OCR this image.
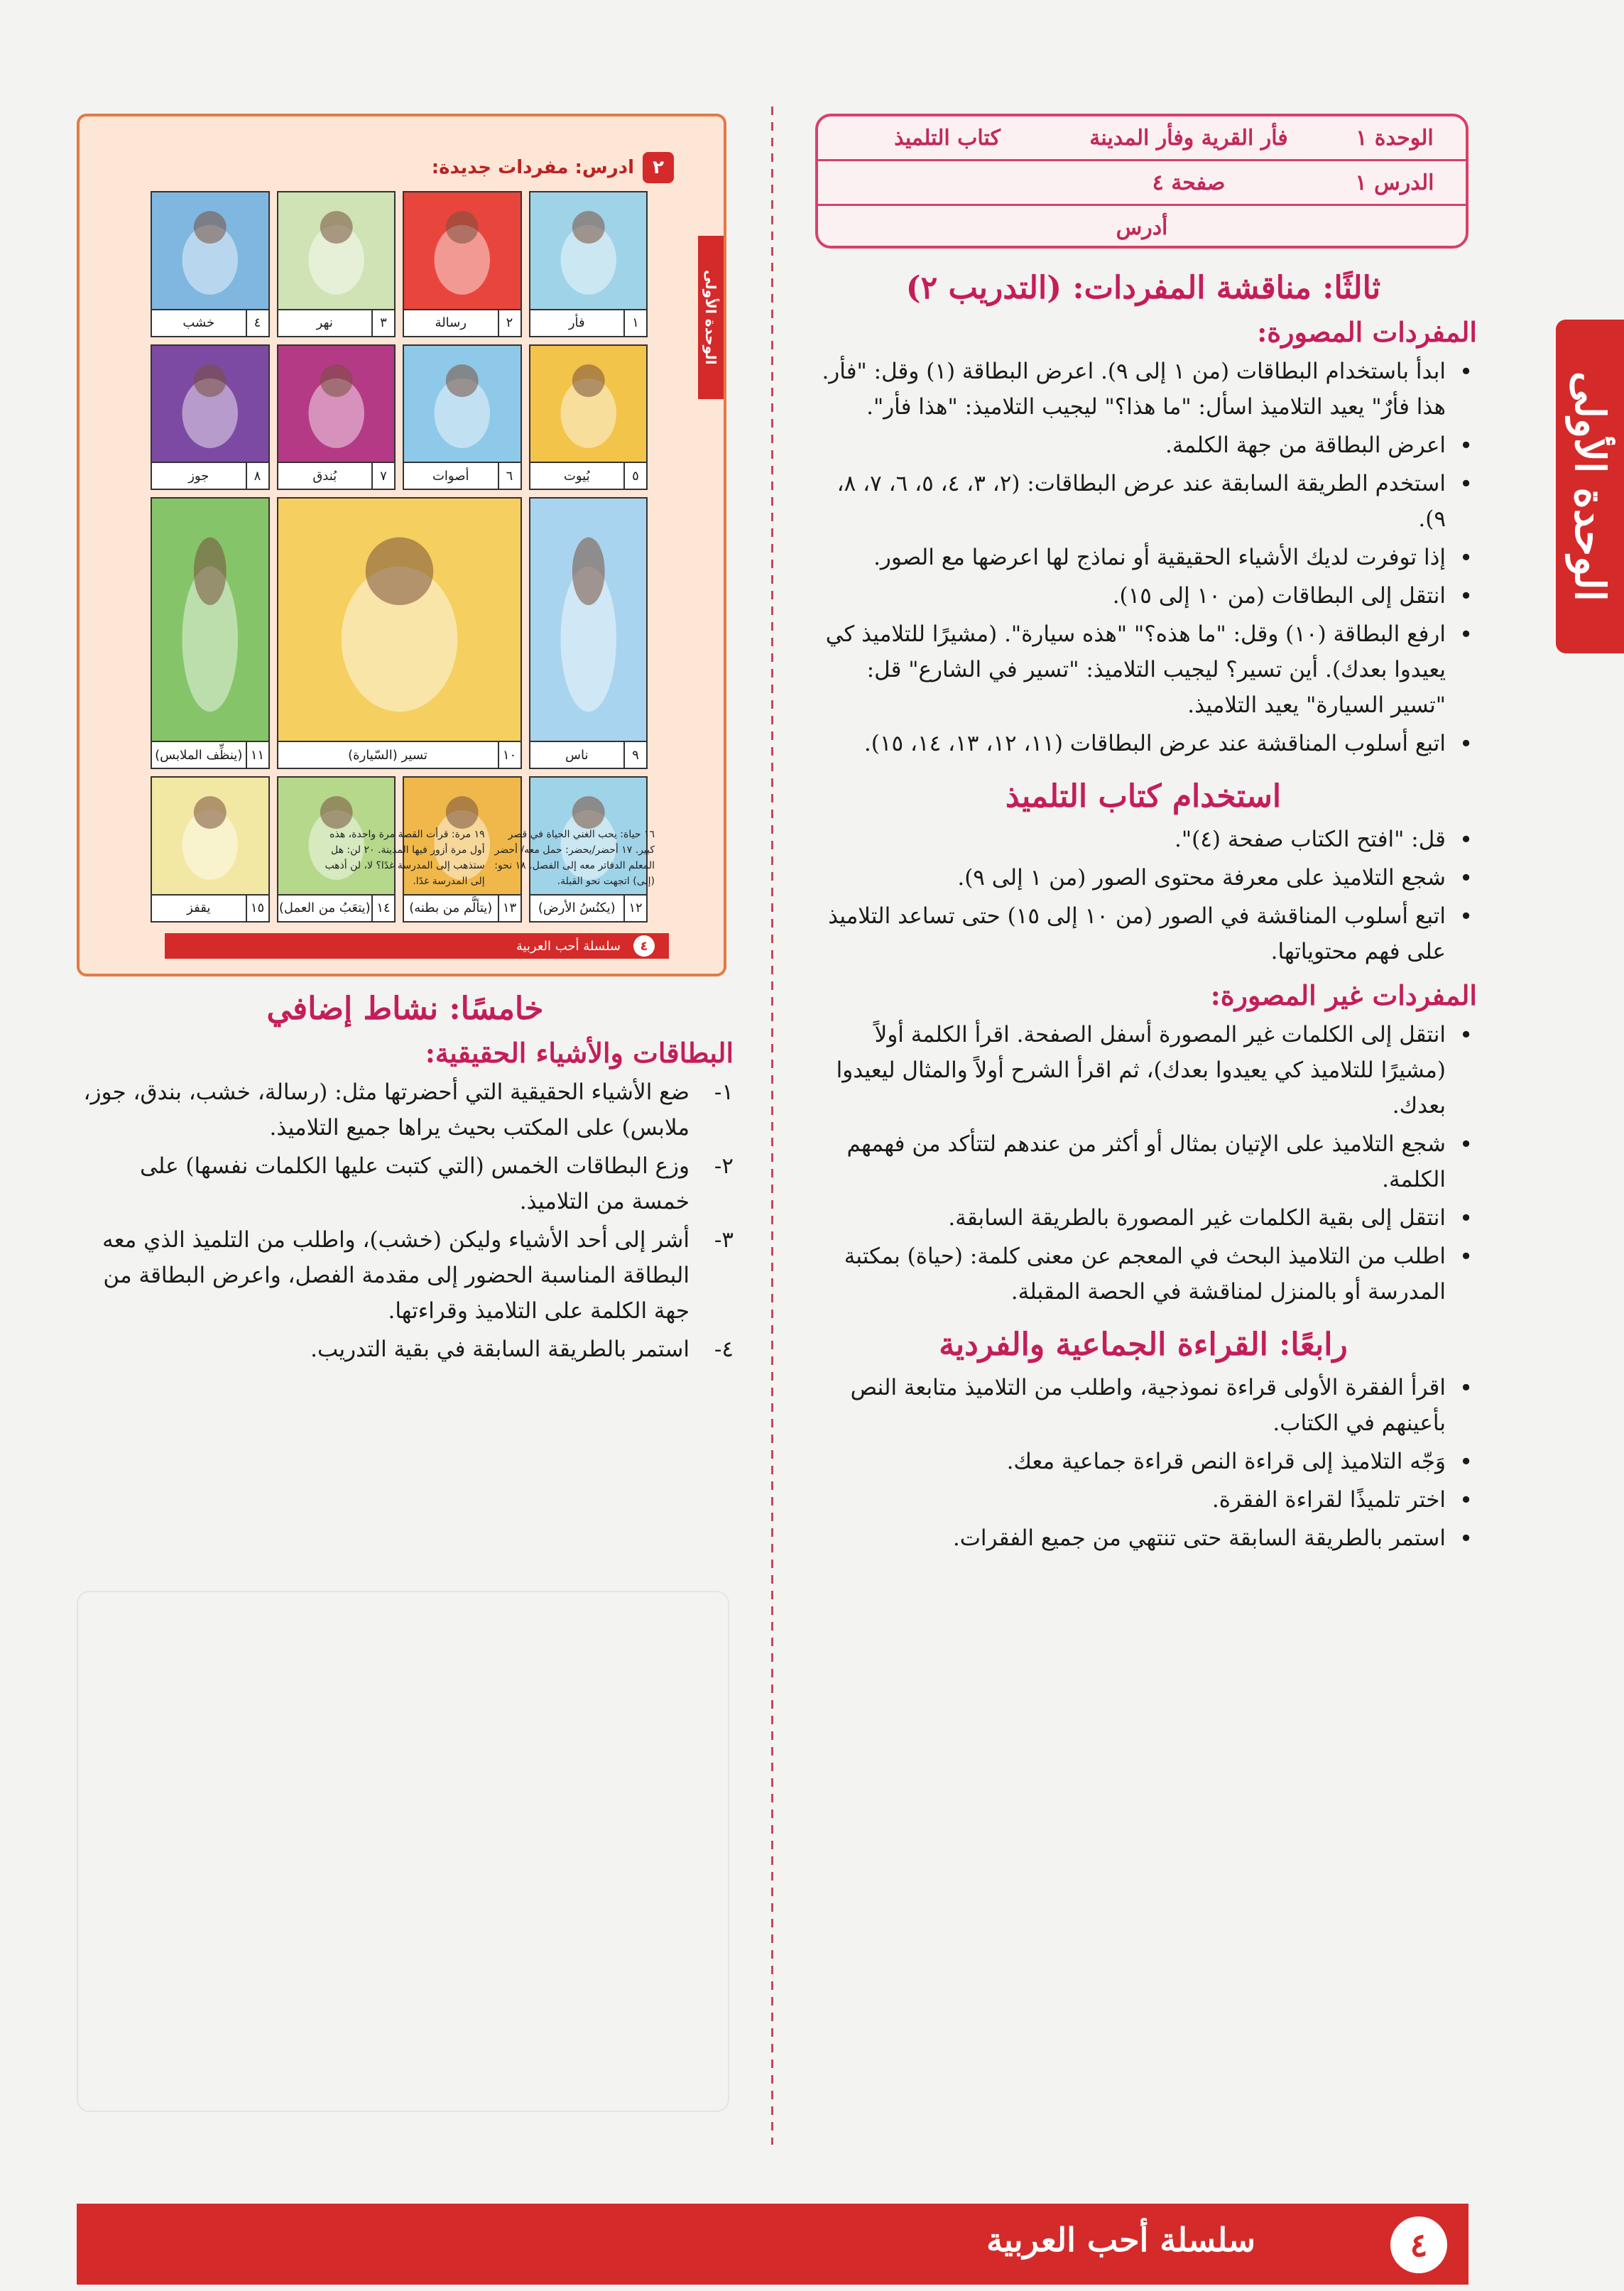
الوحدة الأولى
الوحدة ١
فأر القرية وفأر المدينة
كتاب التلميذ
الدرس ١
صفحة ٤
أدرس
ثالثًا: مناقشة المفردات: (التدريب ٢)
المفردات المصورة:
• ابدأ باستخدام البطاقات (من ١ إلى ٩). اعرض البطاقة (١) وقل: "فأر. هذا فأرٌ" يعيد التلاميذ اسأل: "ما هذا؟" ليجيب التلاميذ: "هذا فأر".
• اعرض البطاقة من جهة الكلمة.
• استخدم الطريقة السابقة عند عرض البطاقات: (٢، ٣، ٤، ٥، ٦، ٧، ٨، ٩).
• إذا توفرت لديك الأشياء الحقيقية أو نماذج لها اعرضها مع الصور.
• انتقل إلى البطاقات (من ١٠ إلى ١٥).
• ارفع البطاقة (١٠) وقل: "ما هذه؟" "هذه سيارة". (مشيرًا للتلاميذ كي يعيدوا بعدك). أين تسير؟ ليجيب التلاميذ: "تسير في الشارع" قل: "تسير السيارة" يعيد التلاميذ.
• اتبع أسلوب المناقشة عند عرض البطاقات (١١، ١٢، ١٣، ١٤، ١٥).
استخدام كتاب التلميذ
• قل: "افتح الكتاب صفحة (٤)".
• شجع التلاميذ على معرفة محتوى الصور (من ١ إلى ٩).
• اتبع أسلوب المناقشة في الصور (من ١٠ إلى ١٥) حتى تساعد التلاميذ على فهم محتوياتها.
المفردات غير المصورة:
• انتقل إلى الكلمات غير المصورة أسفل الصفحة. اقرأ الكلمة أولاً (مشيرًا للتلاميذ كي يعيدوا بعدك)، ثم اقرأ الشرح أولاً والمثال ليعيدوا بعدك.
• شجع التلاميذ على الإتيان بمثال أو أكثر من عندهم لتتأكد من فهمهم الكلمة.
• انتقل إلى بقية الكلمات غير المصورة بالطريقة السابقة.
• اطلب من التلاميذ البحث في المعجم عن معنى كلمة: (حياة) بمكتبة المدرسة أو بالمنزل لمناقشة في الحصة المقبلة.
رابعًا: القراءة الجماعية والفردية
• اقرأ الفقرة الأولى قراءة نموذجية، واطلب من التلاميذ متابعة النص بأعينهم في الكتاب.
• وَجّه التلاميذ إلى قراءة النص قراءة جماعية معك.
• اختر تلميذًا لقراءة الفقرة.
• استمر بالطريقة السابقة حتى تنتهي من جميع الفقرات.
الوحدة الأولى
٢
ادرس: مفردات جديدة:
١
فأر
٢
رسالة
٣
نهر
٤
خشب
٥
بُيوت
٦
أصوات
٧
بُندق
٨
جوز
٩
ناس
١٠
تسير (السّيارة)
١١
(ينظِّف الملابس)
١٢
(يكنُسُ الأرض)
١٣
(يتألَّم من بطنه)
١٤
(يتعَبُ من العمل)
١٥
يقفز
١٦ حياة: يحب الغني الحياة في قصر كبير. ١٧ أحضر/يحضر: حمل معه/ أحضر المعلم الدفاتر معه إلى الفصل. ١٨ نحو: (إلى) اتجهت نحو القبلة.
١٩ مرة: قرأت القصة مرة واحدة، هذه أول مرة أزور فيها المدينة. ٢٠ لن: هل ستذهب إلى المدرسة غدًا؟ لا، لن أذهب إلى المدرسة غدًا.
٤
سلسلة أحب العربية
خامسًا: نشاط إضافي
البطاقات والأشياء الحقيقية:
١-
ضع الأشياء الحقيقية التي أحضرتها مثل: (رسالة، خشب، بندق، جوز، ملابس) على المكتب بحيث يراها جميع التلاميذ.
٢-
وزع البطاقات الخمس (التي كتبت عليها الكلمات نفسها) على خمسة من التلاميذ.
٣-
أشر إلى أحد الأشياء وليكن (خشب)، واطلب من التلميذ الذي معه البطاقة المناسبة الحضور إلى مقدمة الفصل، واعرض البطاقة من جهة الكلمة على التلاميذ وقراءتها.
٤-
استمر بالطريقة السابقة في بقية التدريب.
٤
سلسلة أحب العربية
